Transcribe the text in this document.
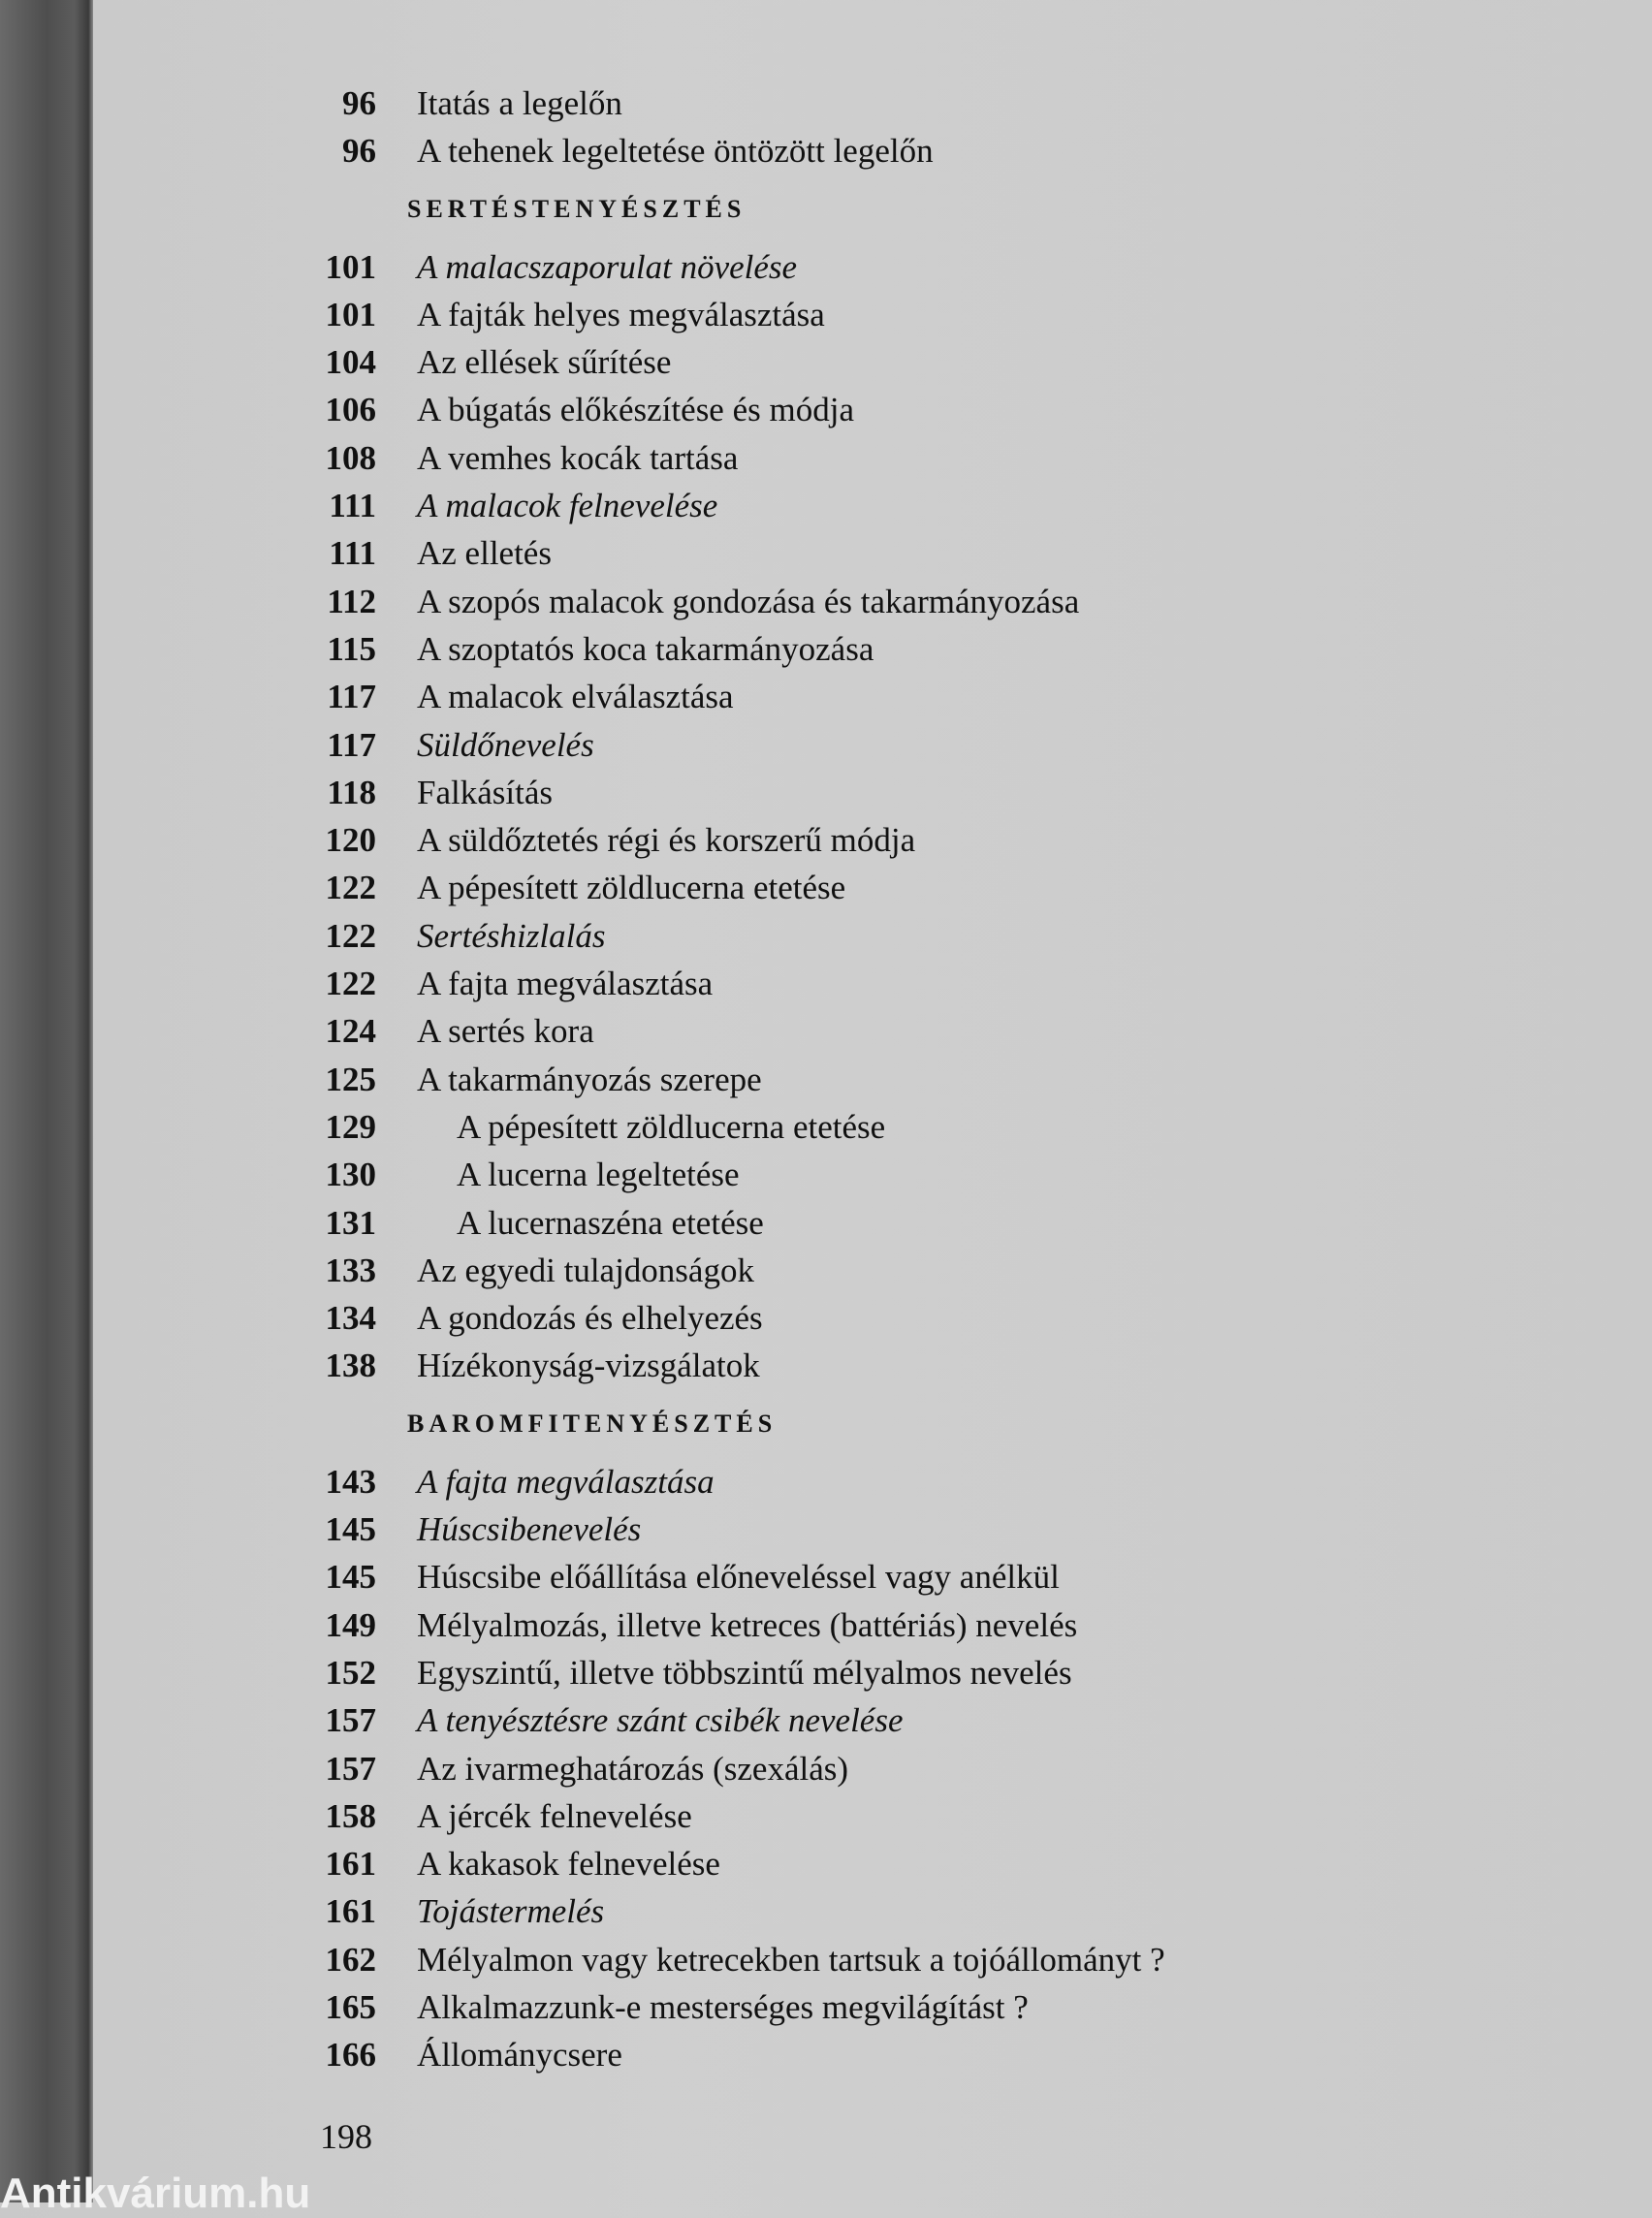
96 Itatás a legelőn
96 A tehenek legeltetése öntözött legelőn
SERTÉSTENYÉSZTÉS
101 A malacszaporulat növelése
101 A fajták helyes megválasztása
104 Az ellések sűrítése
106 A búgatás előkészítése és módja
108 A vemhes kocák tartása
111 A malacok felnevelése
111 Az elletés
112 A szopós malacok gondozása és takarmányozása
115 A szoptatós koca takarmányozása
117 A malacok elválasztása
117 Süldőnevelés
118 Falkásítás
120 A süldőztetés régi és korszerű módja
122 A pépesített zöldlucerna etetése
122 Sertéshizlalás
122 A fajta megválasztása
124 A sertés kora
125 A takarmányozás szerepe
129 A pépesített zöldlucerna etetése
130 A lucerna legeltetése
131 A lucernaszéna etetése
133 Az egyedi tulajdonságok
134 A gondozás és elhelyezés
138 Hízékonyság-vizsgálatok
BAROMFITENYÉSZTÉS
143 A fajta megválasztása
145 Húscsibenevelés
145 Húscsibe előállítása előneveléssel vagy anélkül
149 Mélyalmozás, illetve ketreces (battériás) nevelés
152 Egyszintű, illetve többszintű mélyalmos nevelés
157 A tenyésztésre szánt csibék nevelése
157 Az ivarmeghatározás (szexálás)
158 A jércék felnevelése
161 A kakasok felnevelése
161 Tojástermelés
162 Mélyalmon vagy ketrecekben tartsuk a tojóállományt ?
165 Alkalmazzunk-e mesterséges megvilágítást ?
166 Állománycsere
198
Antikvárium.hu
